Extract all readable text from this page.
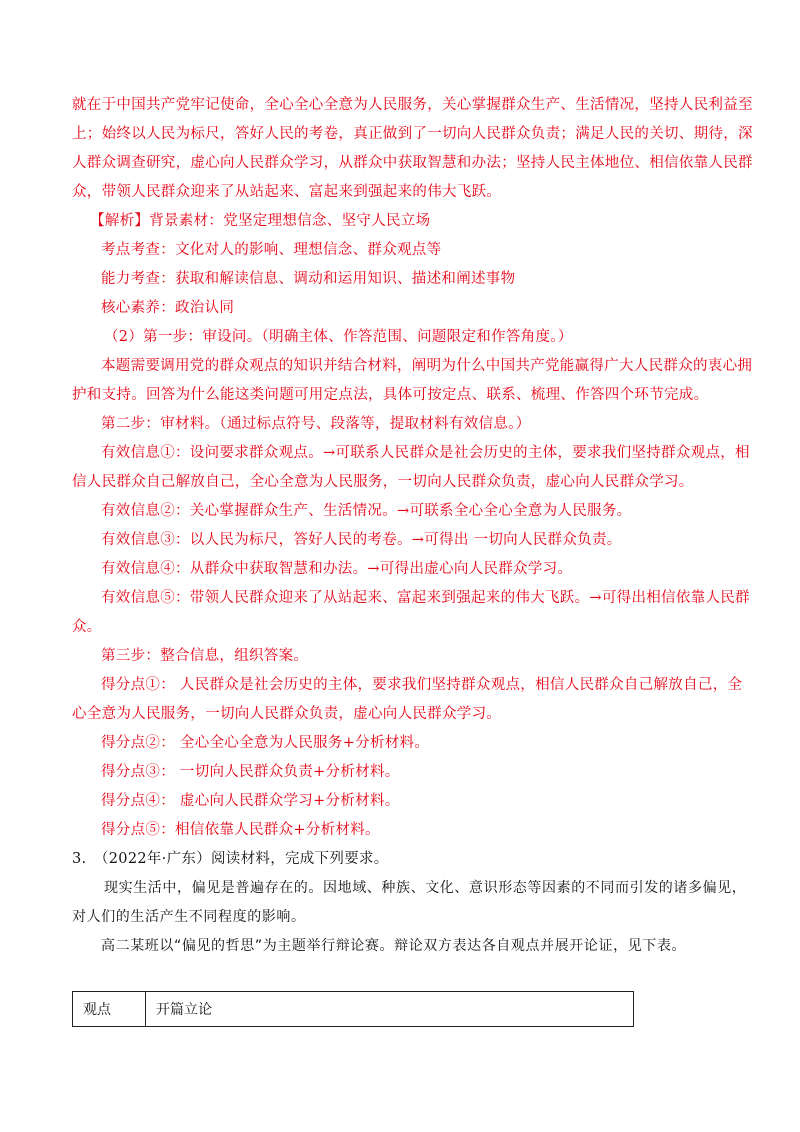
就在于中国共产党牢记使命，全心全心全意为人民服务，关心掌握群众生产、生活情况，坚持人民利益至
上；始终以人民为标尺，答好人民的考卷，真正做到了一切向人民群众负责；满足人民的关切、期待，深
人群众调查研究，虚心向人民群众学习，从群众中获取智慧和办法；坚持人民主体地位、相信依靠人民群
众，带领人民群众迎来了从站起来、富起来到强起来的伟大飞跃。
【解析】背景素材：党坚定理想信念、坚守人民立场
考点考查：文化对人的影响、理想信念、群众观点等
能力考查：获取和解读信息、调动和运用知识、描述和阐述事物
核心素养：政治认同
（2）第一步：审设问。（明确主体、作答范围、问题限定和作答角度。）
本题需要调用党的群众观点的知识并结合材料，阐明为什么中国共产党能赢得广大人民群众的衷心拥
护和支持。回答为什么能这类问题可用定点法，具体可按定点、联系、梳理、作答四个环节完成。
第二步：审材料。（通过标点符号、段落等，提取材料有效信息。）
有效信息①：设问要求群众观点。→可联系人民群众是社会历史的主体，要求我们坚持群众观点，相
信人民群众自己解放自己，全心全意为人民服务，一切向人民群众负责，虚心向人民群众学习。
有效信息②：关心掌握群众生产、生活情况。→可联系全心全心全意为人民服务。
有效信息③：以人民为标尺，答好人民的考卷。→可得出 一切向人民群众负责。
有效信息④：从群众中获取智慧和办法。→可得出虚心向人民群众学习。
有效信息⑤：带领人民群众迎来了从站起来、富起来到强起来的伟大飞跃。→可得出相信依靠人民群
众。
第三步：整合信息，组织答案。
得分点①： 人民群众是社会历史的主体，要求我们坚持群众观点，相信人民群众自己解放自己，全
心全意为人民服务，一切向人民群众负责，虚心向人民群众学习。
得分点②： 全心全心全意为人民服务+分析材料。
得分点③： 一切向人民群众负责+分析材料。
得分点④： 虚心向人民群众学习+分析材料。
得分点⑤：相信依靠人民群众+分析材料。
3.　（2022年·广东）阅读材料，完成下列要求。
现实生活中，偏见是普遍存在的。因地域、种族、文化、意识形态等因素的不同而引发的诸多偏见，
对人们的生活产生不同程度的影响。
高二某班以“偏见的哲思”为主题举行辩论赛。辩论双方表达各自观点并展开论证，见下表。
观点	开篇立论
